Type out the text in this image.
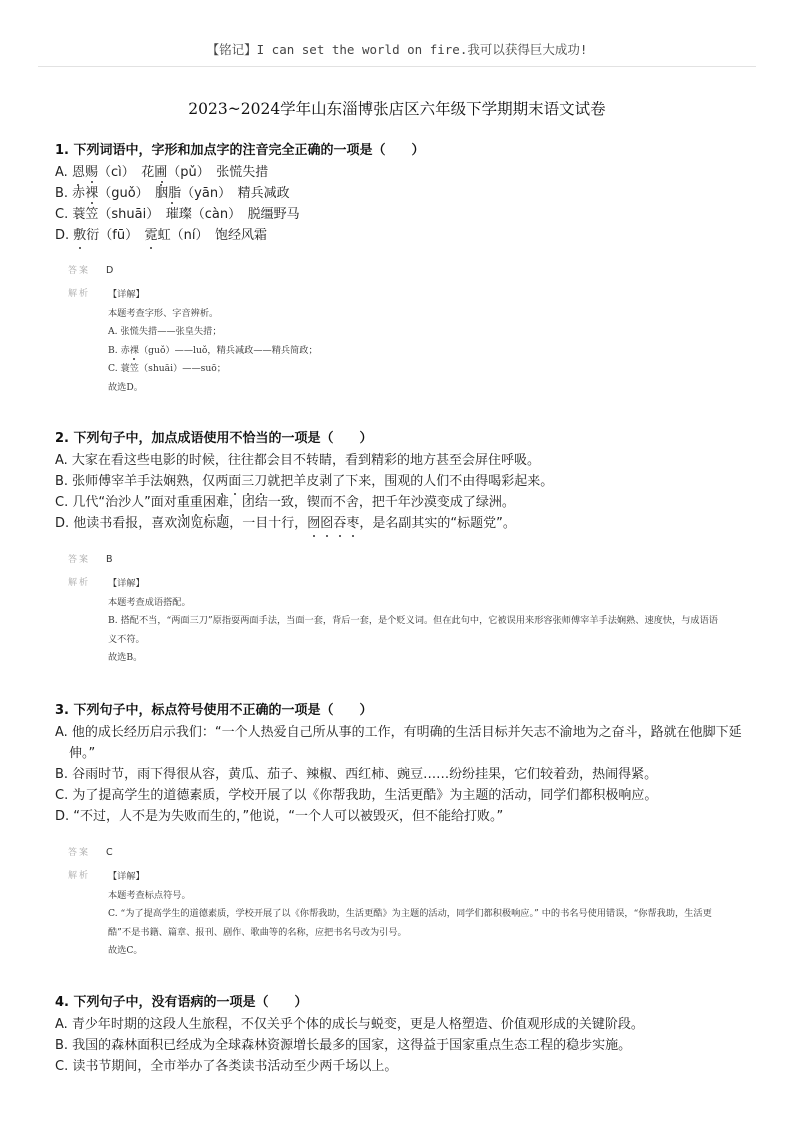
【铭记】I can set the world on fire.我可以获得巨大成功!
2023~2024学年山东淄博张店区六年级下学期期末语文试卷
1. 下列词语中，字形和加点字的注音完全正确的一项是（　　）
A. 恩赐（cì）　花圃（pǔ）　张慌失措
B. 赤裸（guǒ）　胭脂（yān）　精兵减政
C. 蓑笠（shuāi）　璀璨（càn）　脱缰野马
D. 敷衍（fū）　霓虹（ní）　饱经风霜
答案 D
解析	【详解】
本题考查字形、字音辨析。
A. 张慌失措——张皇失措；
B. 赤裸（guǒ）——luǒ，精兵减政——精兵简政；
C. 蓑笠（shuāi）——suō；
故选D。
2. 下列句子中，加点成语使用不恰当的一项是（　　）
A. 大家在看这些电影的时候，往往都会目不转睛，看到精彩的地方甚至会屏住呼吸。
B. 张师傅宰羊手法娴熟，仅两面三刀就把羊皮剥了下来，围观的人们不由得喝彩起来。
C. 几代“治沙人”面对重重困难，团结一致，锲而不舍，把千年沙漠变成了绿洲。
D. 他读书看报，喜欢浏览标题，一目十行，囫囵吞枣，是名副其实的“标题党”。
答案 B
解析	【详解】
本题考查成语搭配。
B. 搭配不当，“两面三刀”原指耍两面手法，当面一套，背后一套，是个贬义词。但在此句中，它被误用来形容张师傅宰羊手法娴熟、速度快，与成语语义不符。
故选B。
3. 下列句子中，标点符号使用不正确的一项是（　　）
A. 他的成长经历启示我们：“一个人热爱自己所从事的工作，有明确的生活目标并矢志不渝地为之奋斗，路就在他脚下延伸。”
B. 谷雨时节，雨下得很从容，黄瓜、茄子、辣椒、西红柿、豌豆……纷纷挂果，它们较着劲，热闹得紧。
C. 为了提高学生的道德素质，学校开展了以《你帮我助，生活更酷》为主题的活动，同学们都积极响应。
D. “不过，人不是为失败而生的，”他说，“一个人可以被毁灭，但不能给打败。”
答案 C
解析	【详解】
本题考查标点符号。
C. “为了提高学生的道德素质，学校开展了以《你帮我助，生活更酷》为主题的活动，同学们都积极响应。” 中的书名号使用错误，“你帮我助，生活更酷”不是书籍、篇章、报刊、剧作、歌曲等的名称，应把书名号改为引号。
故选C。
4. 下列句子中，没有语病的一项是（　　）
A. 青少年时期的这段人生旅程，不仅关乎个体的成长与蜕变，更是人格塑造、价值观形成的关键阶段。
B. 我国的森林面积已经成为全球森林资源增长最多的国家，这得益于国家重点生态工程的稳步实施。
C. 读书节期间，全市举办了各类读书活动至少两千场以上。
